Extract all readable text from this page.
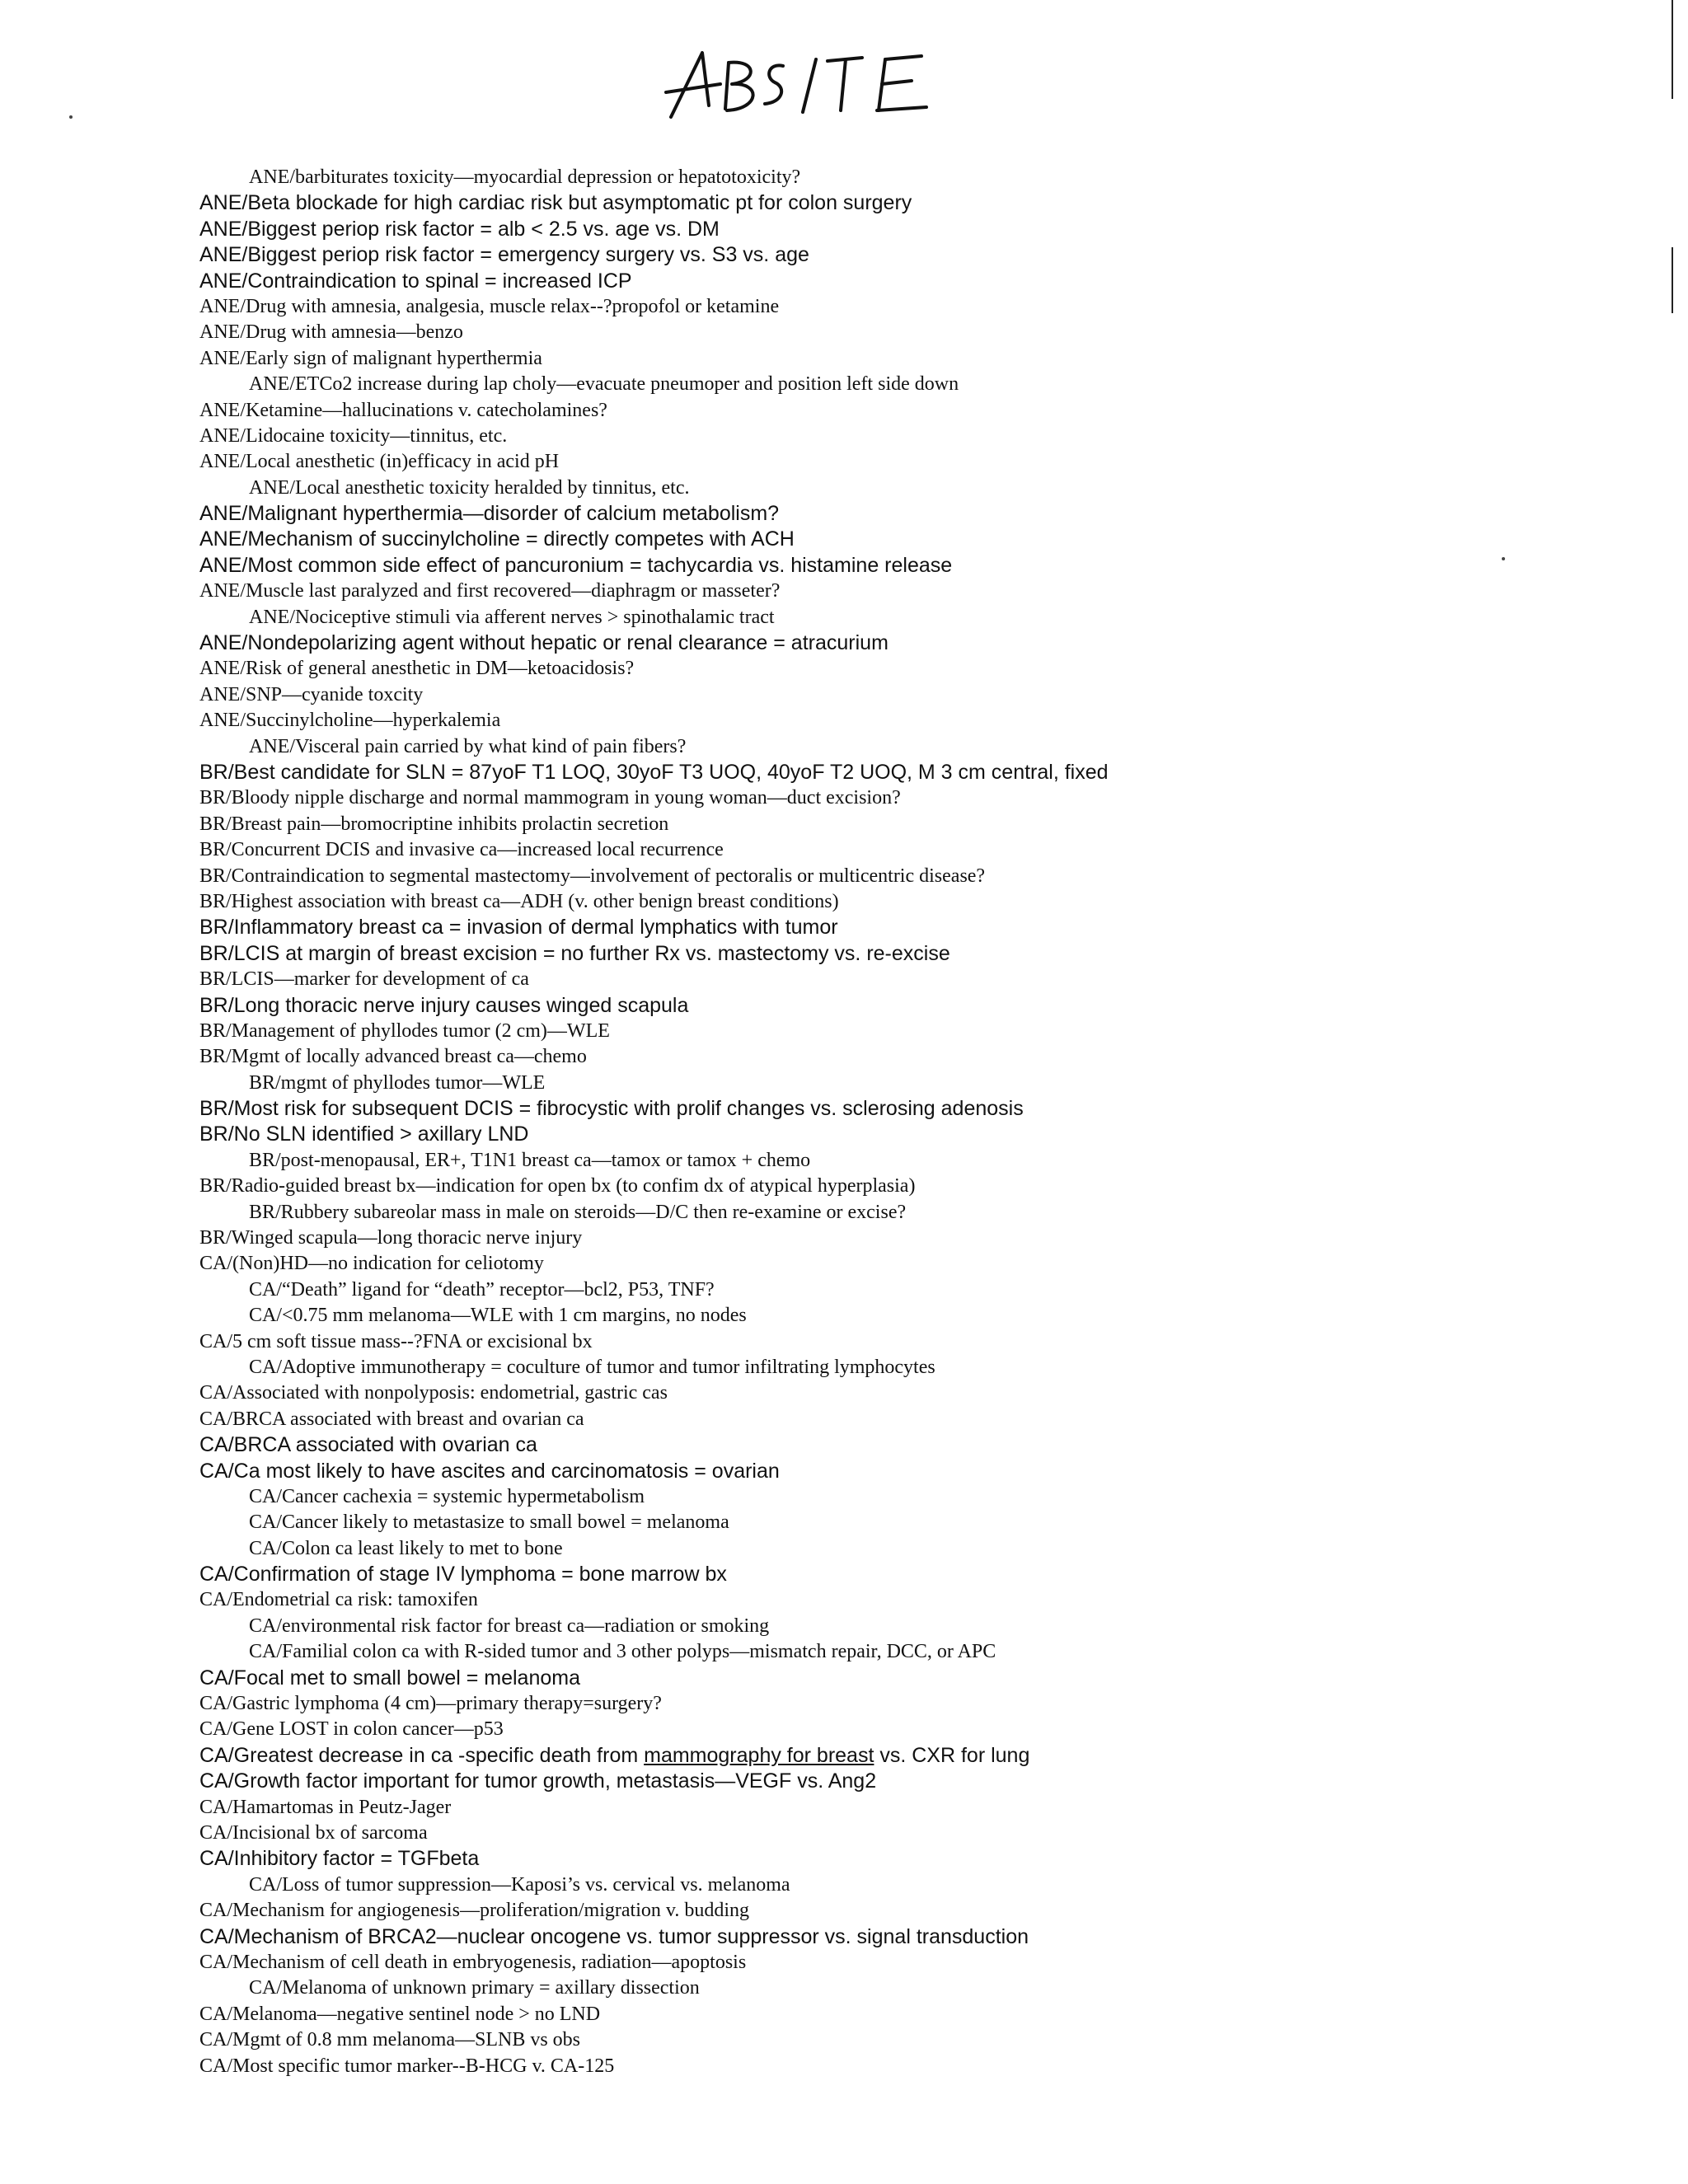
ANE/barbiturates toxicity—myocardial depression or hepatotoxicity?
ANE/Beta blockade for high cardiac risk but asymptomatic pt for colon surgery
ANE/Biggest periop risk factor = alb < 2.5 vs. age vs. DM
ANE/Biggest periop risk factor = emergency surgery vs. S3 vs. age
ANE/Contraindication to spinal = increased ICP
ANE/Drug with amnesia, analgesia, muscle relax--?propofol or ketamine
ANE/Drug with amnesia—benzo
ANE/Early sign of malignant hyperthermia
ANE/ETCo2 increase during lap choly—evacuate pneumoper and position left side down
ANE/Ketamine—hallucinations v. catecholamines?
ANE/Lidocaine toxicity—tinnitus, etc.
ANE/Local anesthetic (in)efficacy in acid pH
ANE/Local anesthetic toxicity heralded by tinnitus, etc.
ANE/Malignant hyperthermia—disorder of calcium metabolism?
ANE/Mechanism of succinylcholine = directly competes with ACH
ANE/Most common side effect of pancuronium = tachycardia vs. histamine release
ANE/Muscle last paralyzed and first recovered—diaphragm or masseter?
ANE/Nociceptive stimuli via afferent nerves > spinothalamic tract
ANE/Nondepolarizing agent without hepatic or renal clearance = atracurium
ANE/Risk of general anesthetic in DM—ketoacidosis?
ANE/SNP—cyanide toxcity
ANE/Succinylcholine—hyperkalemia
ANE/Visceral pain carried by what kind of pain fibers?
BR/Best candidate for SLN = 87yoF T1 LOQ, 30yoF T3 UOQ, 40yoF T2 UOQ, M 3 cm central, fixed
BR/Bloody nipple discharge and normal mammogram in young woman—duct excision?
BR/Breast pain—bromocriptine inhibits prolactin secretion
BR/Concurrent DCIS and invasive ca—increased local recurrence
BR/Contraindication to segmental mastectomy—involvement of pectoralis or multicentric disease?
BR/Highest association with breast ca—ADH (v. other benign breast conditions)
BR/Inflammatory breast ca = invasion of dermal lymphatics with tumor
BR/LCIS at margin of breast excision = no further Rx vs. mastectomy vs. re-excise
BR/LCIS—marker for development of ca
BR/Long thoracic nerve injury causes winged scapula
BR/Management of phyllodes tumor (2 cm)—WLE
BR/Mgmt of locally advanced breast ca—chemo
BR/mgmt of phyllodes tumor—WLE
BR/Most risk for subsequent DCIS = fibrocystic with prolif changes vs. sclerosing adenosis
BR/No SLN identified > axillary LND
BR/post-menopausal, ER+, T1N1 breast ca—tamox or tamox + chemo
BR/Radio-guided breast bx—indication for open bx (to confim dx of atypical hyperplasia)
BR/Rubbery subareolar mass in male on steroids—D/C then re-examine or excise?
BR/Winged scapula—long thoracic nerve injury
CA/(Non)HD—no indication for celiotomy
CA/“Death” ligand for “death” receptor—bcl2, P53, TNF?
CA/<0.75 mm melanoma—WLE with 1 cm margins, no nodes
CA/5 cm soft tissue mass--?FNA or excisional bx
CA/Adoptive immunotherapy = coculture of tumor and tumor infiltrating lymphocytes
CA/Associated with nonpolyposis: endometrial, gastric cas
CA/BRCA associated with breast and ovarian ca
CA/BRCA associated with ovarian ca
CA/Ca most likely to have ascites and carcinomatosis = ovarian
CA/Cancer cachexia = systemic hypermetabolism
CA/Cancer likely to metastasize to small bowel = melanoma
CA/Colon ca least likely to met to bone
CA/Confirmation of stage IV lymphoma = bone marrow bx
CA/Endometrial ca risk: tamoxifen
CA/environmental risk factor for breast ca—radiation or smoking
CA/Familial colon ca with R-sided tumor and 3 other polyps—mismatch repair, DCC, or APC
CA/Focal met to small bowel = melanoma
CA/Gastric lymphoma (4 cm)—primary therapy=surgery?
CA/Gene LOST in colon cancer—p53
CA/Greatest decrease in ca -specific death from mammography for breast vs. CXR for lung
CA/Growth factor important for tumor growth, metastasis—VEGF vs. Ang2
CA/Hamartomas in Peutz-Jager
CA/Incisional bx of sarcoma
CA/Inhibitory factor = TGFbeta
CA/Loss of tumor suppression—Kaposi’s vs. cervical vs. melanoma
CA/Mechanism for angiogenesis—proliferation/migration v. budding
CA/Mechanism of BRCA2—nuclear oncogene vs. tumor suppressor vs. signal transduction
CA/Mechanism of cell death in embryogenesis, radiation—apoptosis
CA/Melanoma of unknown primary = axillary dissection
CA/Melanoma—negative sentinel node > no LND
CA/Mgmt of 0.8 mm melanoma—SLNB vs obs
CA/Most specific tumor marker--B-HCG v. CA-125
